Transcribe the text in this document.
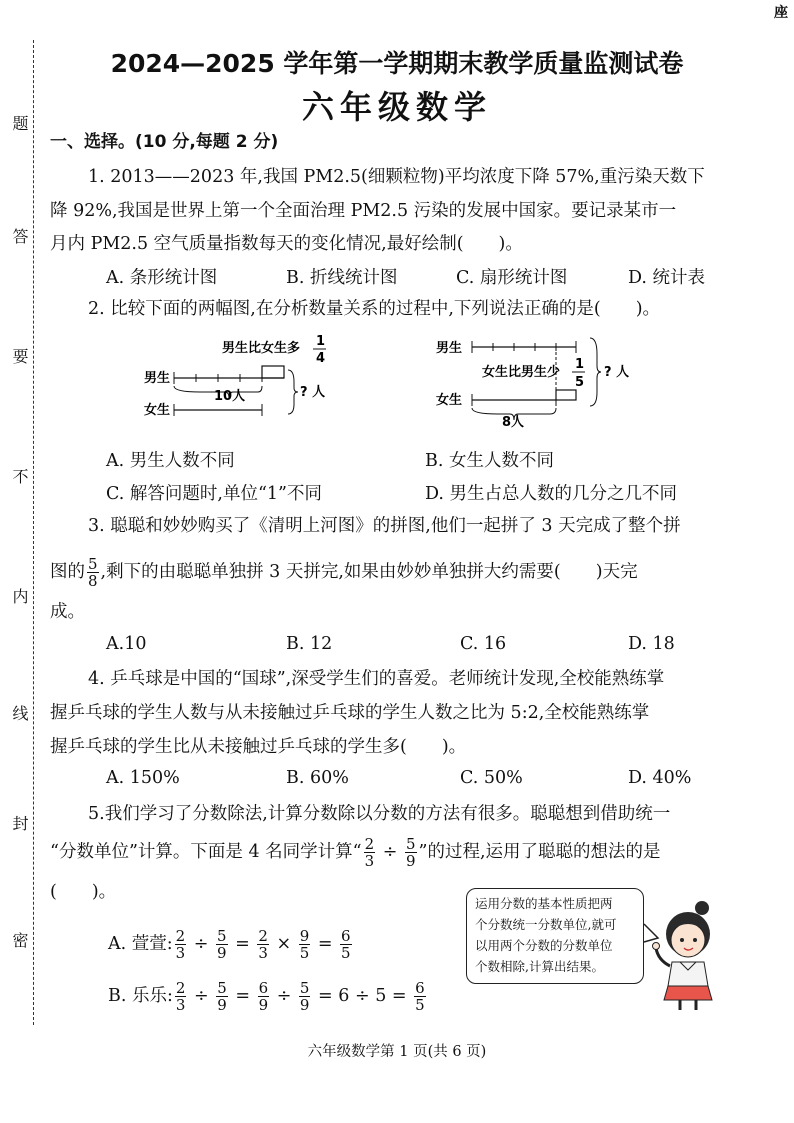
座
题
答
要
不
内
线
封
密
2024—2025 学年第一学期期末教学质量监测试卷
六年级数学
一、选择。(10 分,每题 2 分)
1. 2013——2023 年,我国 PM2.5(细颗粒物)平均浓度下降 57%,重污染天数下
降 92%,我国是世界上第一个全面治理 PM2.5 污染的发展中国家。要记录某市一
月内 PM2.5 空气质量指数每天的变化情况,最好绘制(　　)。
A. 条形统计图	B. 折线统计图	C. 扇形统计图	D. 统计表
2. 比较下面的两幅图,在分析数量关系的过程中,下列说法正确的是(　　)。
男生比女生多 1
4
男生
10人
女生
? 人
男生
女生比男生少
1
5
女生
8人
? 人
A. 男生人数不同	B. 女生人数不同
C. 解答问题时,单位“1”不同	D. 男生占总人数的几分之几不同
3. 聪聪和妙妙购买了《清明上河图》的拼图,他们一起拼了 3 天完成了整个拼
图的 $\frac{5}{8}$ ,剩下的由聪聪单独拼 3 天拼完,如果由妙妙单独拼大约需要(　　)天完
成。
A.10	B. 12	C. 16	D. 18
4. 乒乓球是中国的“国球”,深受学生们的喜爱。老师统计发现,全校能熟练掌
握乒乓球的学生人数与从未接触过乒乓球的学生人数之比为 5:2,全校能熟练掌
握乒乓球的学生比从未接触过乒乓球的学生多(　　)。
A. 150%	B. 60%	C. 50%	D. 40%
5.我们学习了分数除法,计算分数除以分数的方法有很多。聪聪想到借助统一
“分数单位”计算。下面是 4 名同学计算“ $\frac{2}{3} \div \frac{5}{9}$ ”的过程,运用了聪聪的想法的是
(　　)。
A. 萱萱: $\frac{2}{3} \div \frac{5}{9} = \frac{2}{3} \times \frac{9}{5} = \frac{6}{5}$
B. 乐乐: $\frac{2}{3} \div \frac{5}{9} = \frac{6}{9} \div \frac{5}{9} = 6 \div 5 = \frac{6}{5}$
运用分数的基本性质把两
个分数统一分数单位,就可
以用两个分数的分数单位
个数相除,计算出结果。
六年级数学第 1 页(共 6 页)
